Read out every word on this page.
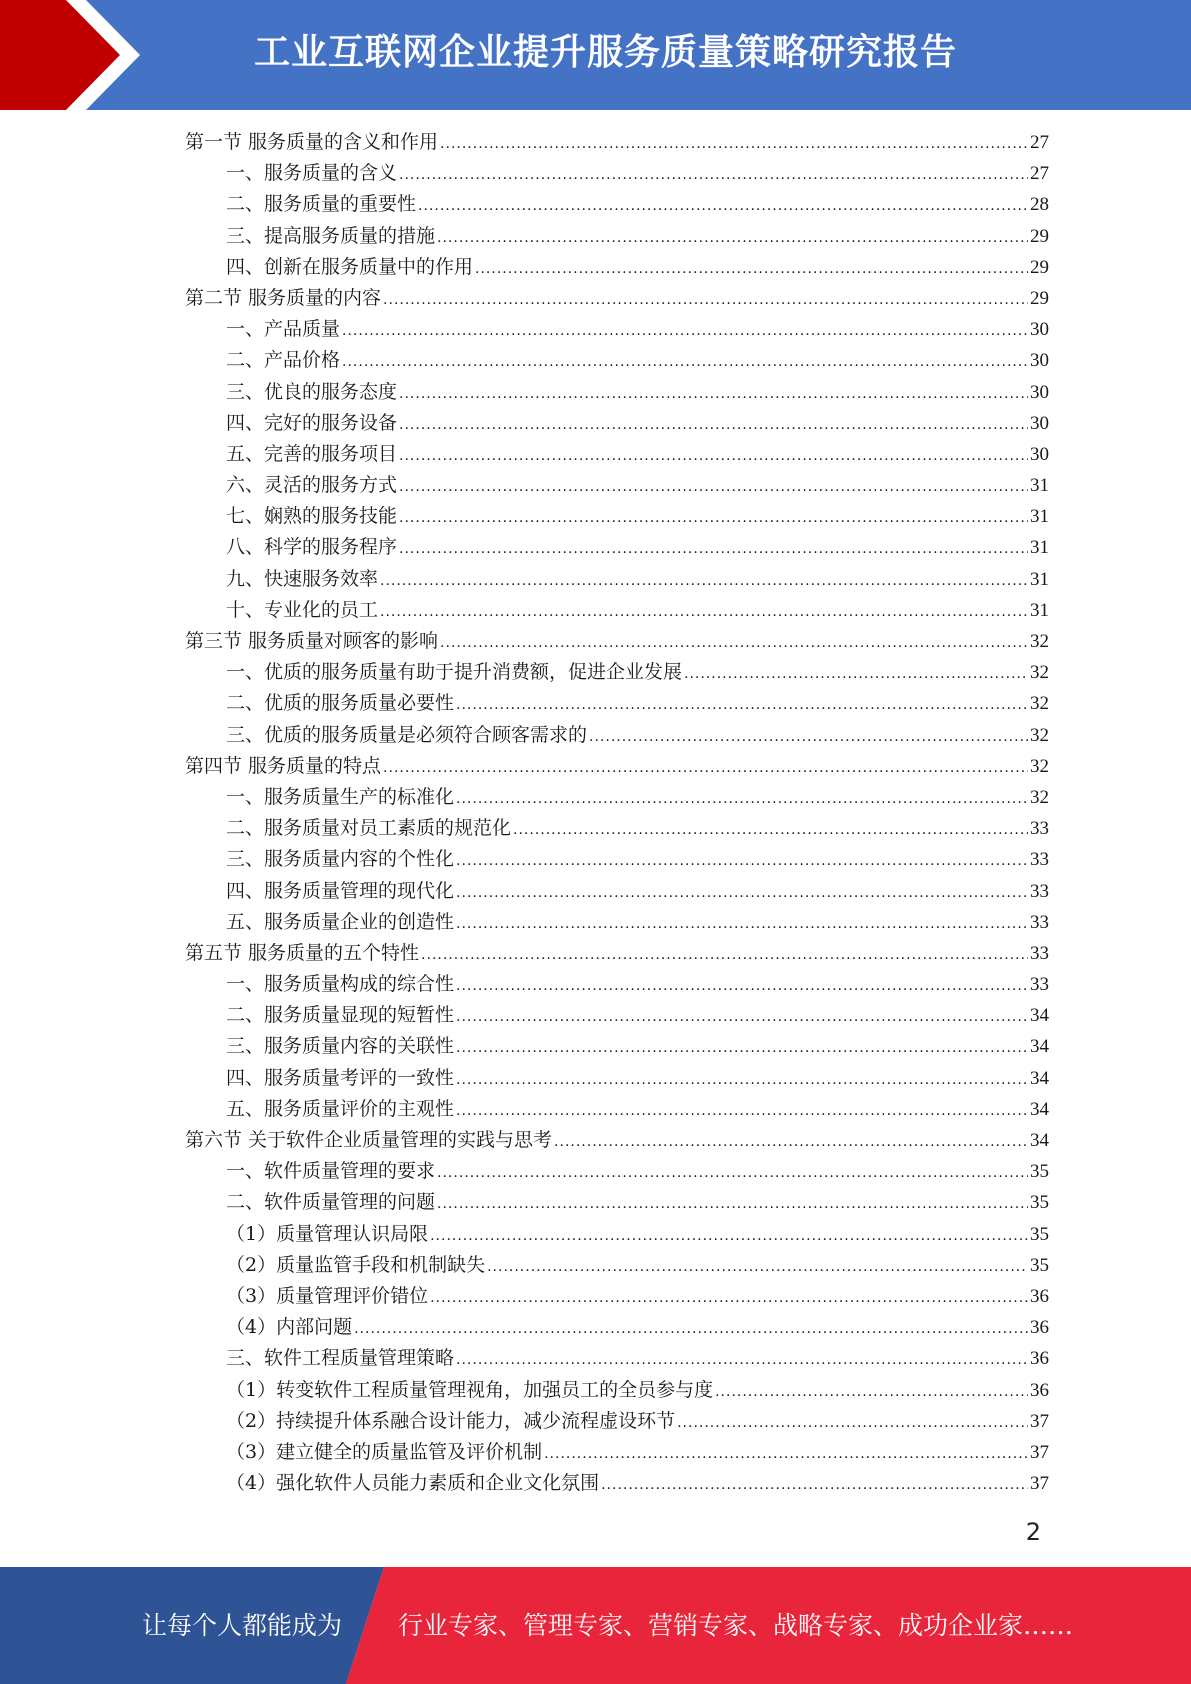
工业互联网企业提升服务质量策略研究报告
第一节 服务质量的含义和作用 .....	27
一、服务质量的含义 .....	27
二、服务质量的重要性 .....	28
三、提高服务质量的措施 .....	29
四、创新在服务质量中的作用 .....	29
第二节 服务质量的内容 .....	29
一、产品质量 .....	30
二、产品价格 .....	30
三、优良的服务态度 .....	30
四、完好的服务设备 .....	30
五、完善的服务项目 .....	30
六、灵活的服务方式 .....	31
七、娴熟的服务技能 .....	31
八、科学的服务程序 .....	31
九、快速服务效率 .....	31
十、专业化的员工 .....	31
第三节 服务质量对顾客的影响 .....	32
一、优质的服务质量有助于提升消费额，促进企业发展 .....	32
二、优质的服务质量必要性 .....	32
三、优质的服务质量是必须符合顾客需求的 .....	32
第四节 服务质量的特点 .....	32
一、服务质量生产的标准化 .....	32
二、服务质量对员工素质的规范化 .....	33
三、服务质量内容的个性化 .....	33
四、服务质量管理的现代化 .....	33
五、服务质量企业的创造性 .....	33
第五节 服务质量的五个特性 .....	33
一、服务质量构成的综合性 .....	33
二、服务质量显现的短暂性 .....	34
三、服务质量内容的关联性 .....	34
四、服务质量考评的一致性 .....	34
五、服务质量评价的主观性 .....	34
第六节 关于软件企业质量管理的实践与思考 .....	34
一、软件质量管理的要求 .....	35
二、软件质量管理的问题 .....	35
（1）质量管理认识局限 .....	35
（2）质量监管手段和机制缺失 .....	35
（3）质量管理评价错位 .....	36
（4）内部问题 .....	36
三、软件工程质量管理策略 .....	36
（1）转变软件工程质量管理视角，加强员工的全员参与度 .....	36
（2）持续提升体系融合设计能力，减少流程虚设环节 .....	37
（3）建立健全的质量监管及评价机制 .....	37
（4）强化软件人员能力素质和企业文化氛围 .....	37
2
让每个人都能成为 行业专家、管理专家、营销专家、战略专家、成功企业家……
